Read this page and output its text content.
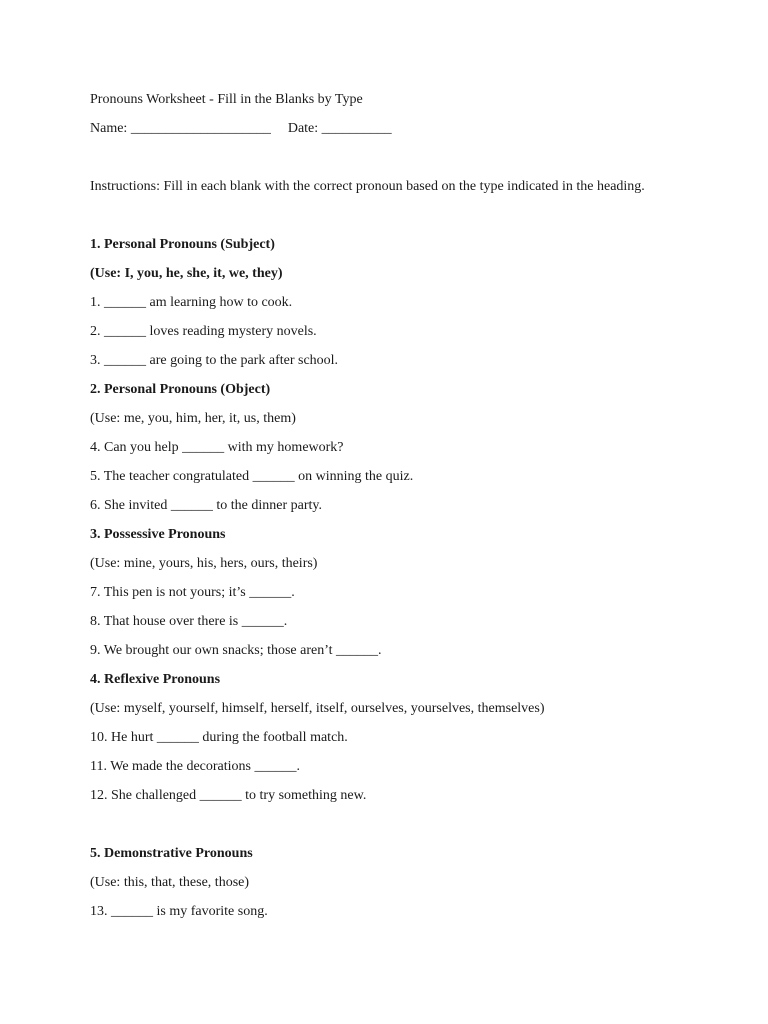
Pronouns Worksheet - Fill in the Blanks by Type
Name: ____________________ Date: __________
Instructions: Fill in each blank with the correct pronoun based on the type indicated in the heading.
1. Personal Pronouns (Subject)
(Use: I, you, he, she, it, we, they)
1. ______ am learning how to cook.
2. ______ loves reading mystery novels.
3. ______ are going to the park after school.
2. Personal Pronouns (Object)
(Use: me, you, him, her, it, us, them)
4. Can you help ______ with my homework?
5. The teacher congratulated ______ on winning the quiz.
6. She invited ______ to the dinner party.
3. Possessive Pronouns
(Use: mine, yours, his, hers, ours, theirs)
7. This pen is not yours; it’s ______.
8. That house over there is ______.
9. We brought our own snacks; those aren’t ______.
4. Reflexive Pronouns
(Use: myself, yourself, himself, herself, itself, ourselves, yourselves, themselves)
10. He hurt ______ during the football match.
11. We made the decorations ______.
12. She challenged ______ to try something new.
5. Demonstrative Pronouns
(Use: this, that, these, those)
13. ______ is my favorite song.
